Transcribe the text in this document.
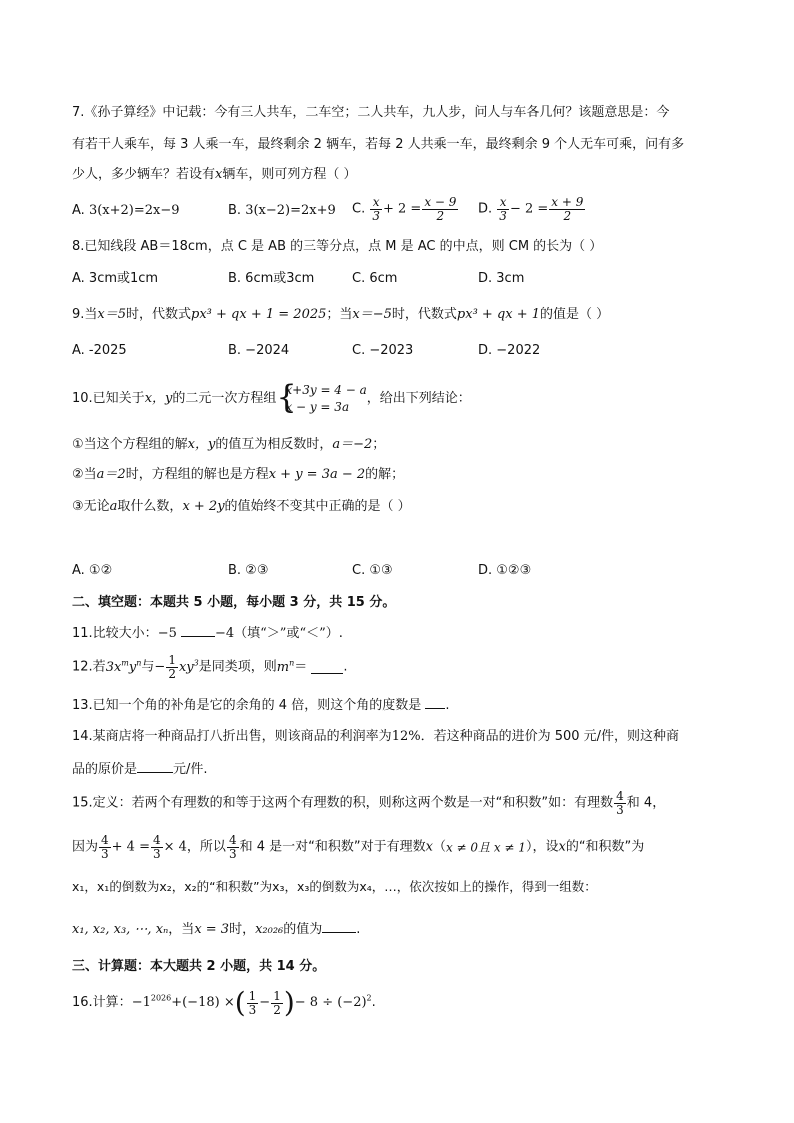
7.《孙子算经》中记载：今有三人共车，二车空；二人共车，九人步，问人与车各几何？该题意思是：今
有若干人乘车，每 3 人乘一车，最终剩余 2 辆车，若每 2 人共乘一车，最终剩余 9 个人无车可乘，问有多
少人，多少辆车？若设有x辆车，则可列方程（ ）
A. 3(x+2)=2x−9	B. 3(x−2)=2x+9 C. $\frac{x}{3} + 2 = \frac{x - 9}{2} D$. $\frac{x}{3} - 2 = \frac{x + 9}{2}$
8.已知线段 AB＝18cm，点 C 是 AB 的三等分点，点 M 是 AC 的中点，则 CM 的长为（ ）
A. 3cm或1cm	B. 6cm或3cm	C. 6cm	D. 3cm
9.当x＝5时，代数式px³ + qx + 1 = 2025；当x＝−5时，代数式px³ + qx + 1的值是（ ）
A. -2025	B. −2024	C. −2023	D. −2022
10.已知关于x，y的二元一次方程组 {
x+3y = 4 − a
x − y = 3a
，给出下列结论：
①当这个方程组的解x，y的值互为相反数时，a＝−2；
②当a＝2时，方程组的解也是方程x + y = 3a − 2的解；
③无论a取什么数，x + 2y的值始终不变其中正确的是（ ）
A. ①②	B. ②③	C. ①③	D. ①②③
二、填空题：本题共 5 小题，每小题 3 分，共 15 分。
11.比较大小：−5	−4（填“＞”或“＜”）.
12.若$3x^my^n$与− $\frac{1}{2} xy^3$是同类项，则$m^n=$	.
13.已知一个角的补角是它的余角的 4 倍，则这个角的度数是 .
14.某商店将一种商品打八折出售，则该商品的利润率为12%．若这种商品的进价为 500 元/件，则这种商
品的原价是	元/件.
15.定义：若两个有理数的和等于这两个有理数的积，则称这两个数是一对“和积数”如：有理数 $\frac{4}{3}$ 和 4，
因为 $\frac{4}{3} + 4 = \frac{4}{3} \times 4$，所以 $\frac{4}{3}$ 和 4 是一对“和积数”对于有理数x（x ≠ 0且 x ≠ 1），设x的“和积数”为
x₁，x₁的倒数为x₂，x₂的“和积数”为x₃，x₃的倒数为x₄，…，依次按如上的操作，得到一组数：
x₁, x₂, x₃, ⋯, xₙ，当x = 3时，x₂₀₂₆的值为	.
三、计算题：本大题共 2 小题，共 14 分。
16.计算：$-1^{2026}+(-18)$ ×( $\frac{1}{3} - \frac{1}{2}$ )− $8 \div (-2)^2$.
